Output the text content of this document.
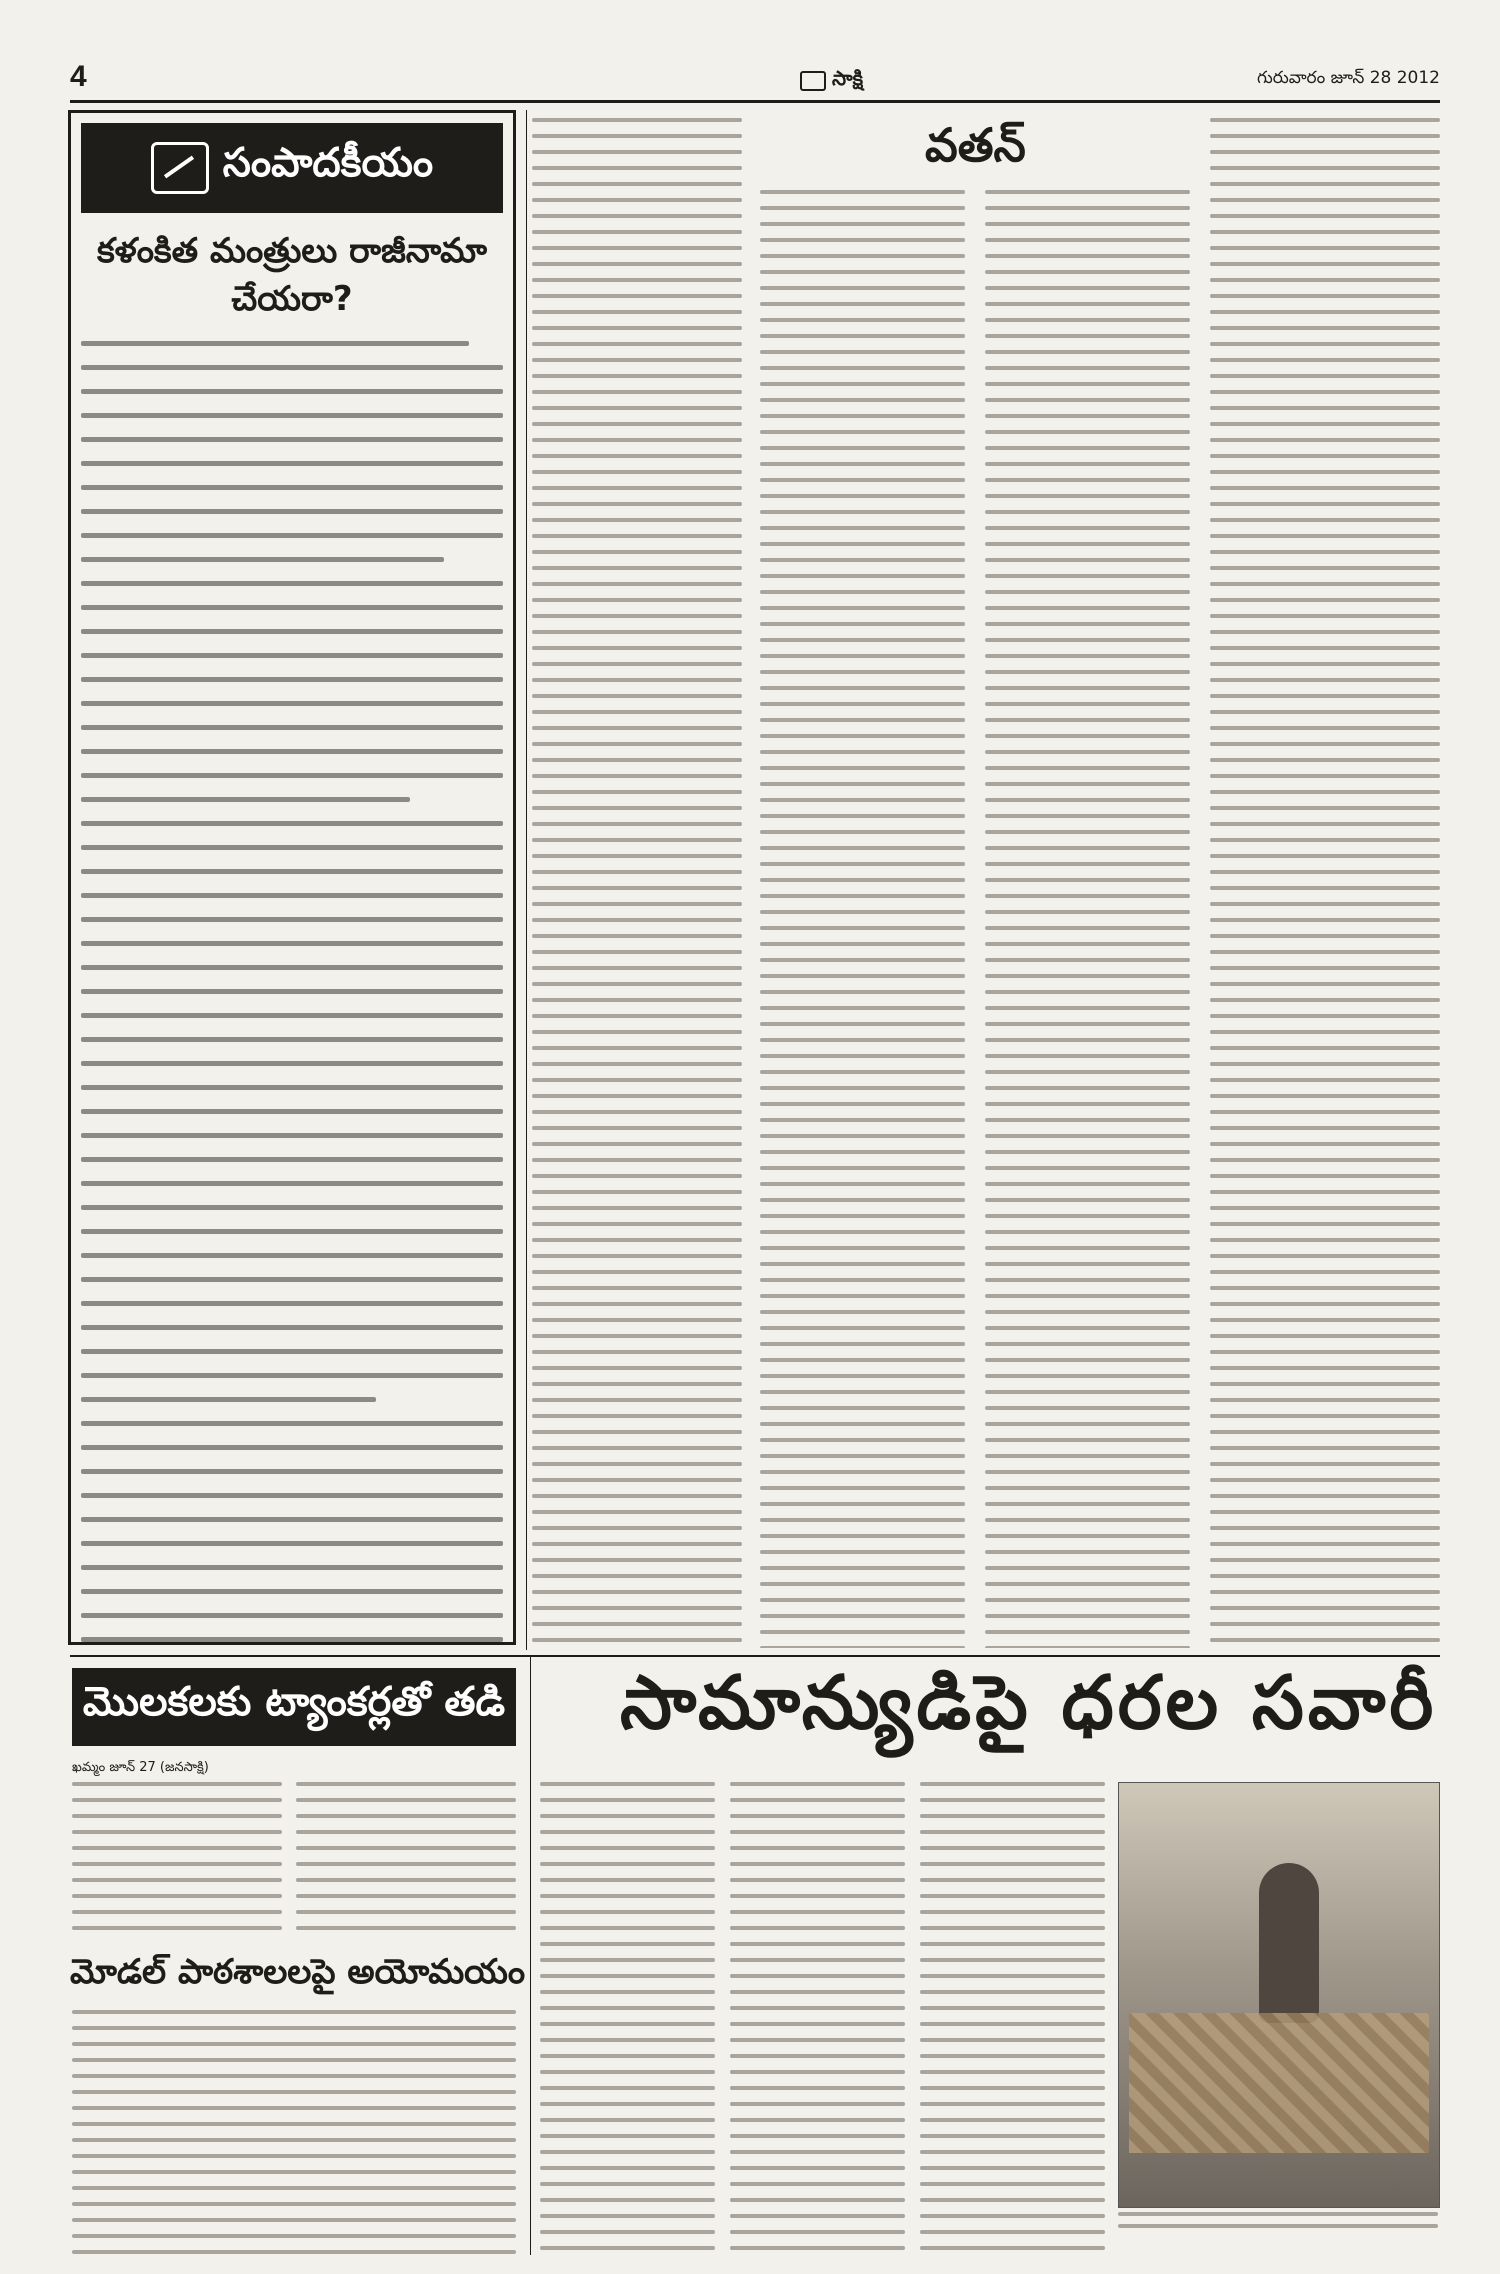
4	సాక్షి	గురువారం జూన్ 28 2012
సంపాదకీయం
కళంకిత మంత్రులు రాజీనామా చేయరా?
వతన్
మొలకలకు ట్యాంకర్లతో తడి
ఖమ్మం జూన్ 27 (జనసాక్షి)
మోడల్ పాఠశాలలపై అయోమయం
సామాన్యుడిపై ధరల సవారీ
